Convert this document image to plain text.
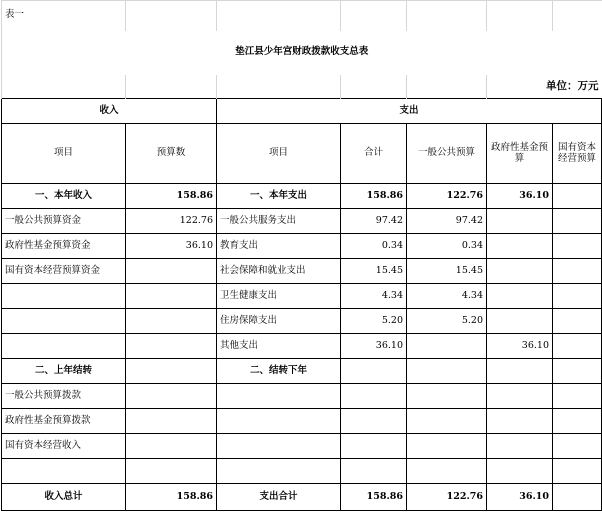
表一						
垫江县少年宫财政拨款收支总表						
					单位：万元	
收入		支出				
项目	预算数	项目	合计	一般公共预算	政府性基金预算	国有资本经营预算
一、本年收入	158.86	一、本年支出	158.86	122.76	36.10	
一般公共预算资金	122.76	一般公共服务支出	97.42	97.42		
政府性基金预算资金	36.10	教育支出	0.34	0.34		
国有资本经营预算资金		社会保障和就业支出	15.45	15.45		
		卫生健康支出	4.34	4.34		
		住房保障支出	5.20	5.20		
		其他支出	36.10		36.10	
二、上年结转		二、结转下年				
一般公共预算拨款						
政府性基金预算拨款						
国有资本经营收入						

收入总计	158.86	支出合计	158.86	122.76	36.10	
